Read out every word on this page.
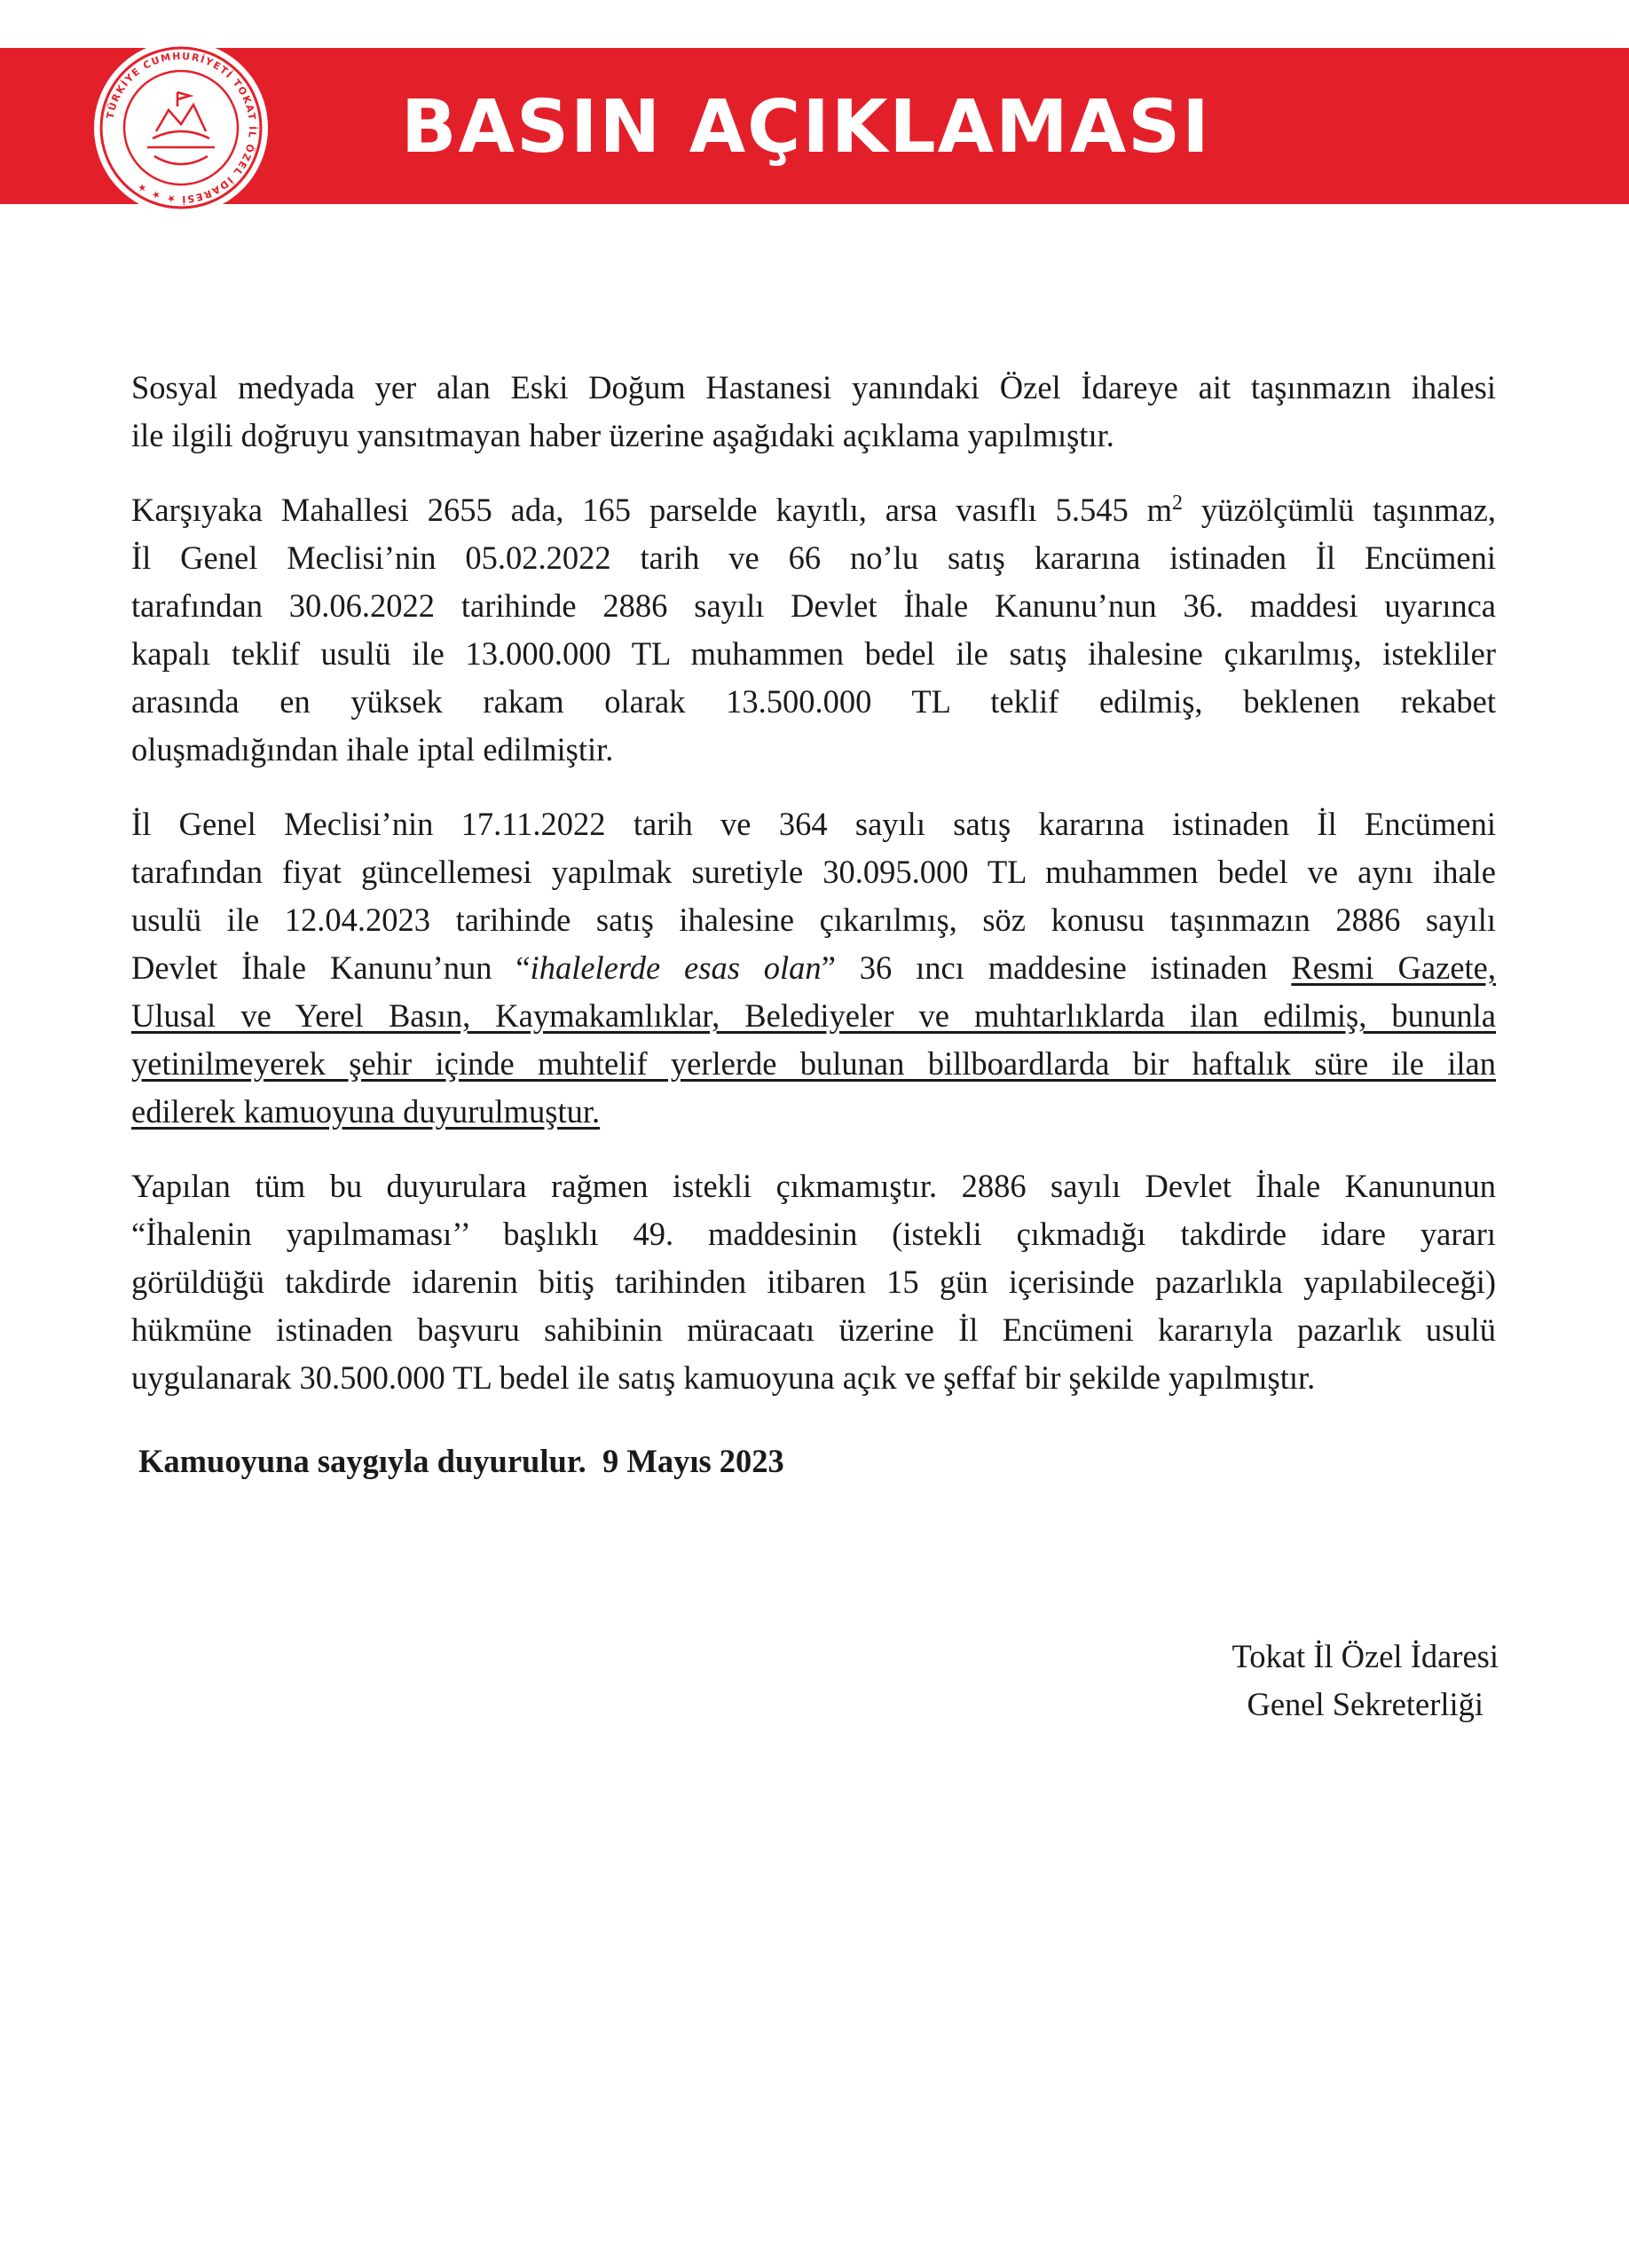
TÜRKİYE CUMHURİYETİ TOKAT İL ÖZEL İDARESİ ★ ★ ★
BASIN AÇIKLAMASI

Sosyal medyada yer alan Eski Doğum Hastanesi yanındaki Özel İdareye ait taşınmazın ihalesi
ile ilgili doğruyu yansıtmayan haber üzerine aşağıdaki açıklama yapılmıştır.

Karşıyaka Mahallesi 2655 ada, 165 parselde kayıtlı, arsa vasıflı 5.545 $m^2$ yüzölçümlü taşınmaz,
İl Genel Meclisi’nin 05.02.2022 tarih ve 66 no’lu satış kararına istinaden İl Encümeni
tarafından 30.06.2022 tarihinde 2886 sayılı Devlet İhale Kanunu’nun 36. maddesi uyarınca
kapalı teklif usulü ile 13.000.000 TL muhammen bedel ile satış ihalesine çıkarılmış, istekliler
arasında en yüksek rakam olarak 13.500.000 TL teklif edilmiş, beklenen rekabet
oluşmadığından ihale iptal edilmiştir.

İl Genel Meclisi’nin 17.11.2022 tarih ve 364 sayılı satış kararına istinaden İl Encümeni
tarafından fiyat güncellemesi yapılmak suretiyle 30.095.000 TL muhammen bedel ve aynı ihale
usulü ile 12.04.2023 tarihinde satış ihalesine çıkarılmış, söz konusu taşınmazın 2886 sayılı
Devlet İhale Kanunu’nun “ihalelerde esas olan” 36 ıncı maddesine istinaden Resmi Gazete,
Ulusal ve Yerel Basın, Kaymakamlıklar, Belediyeler ve muhtarlıklarda ilan edilmiş, bununla
yetinilmeyerek şehir içinde muhtelif yerlerde bulunan billboardlarda bir haftalık süre ile ilan
edilerek kamuoyuna duyurulmuştur.

Yapılan tüm bu duyurulara rağmen istekli çıkmamıştır. 2886 sayılı Devlet İhale Kanununun
“İhalenin yapılmaması’’ başlıklı 49. maddesinin (istekli çıkmadığı takdirde idare yararı
görüldüğü takdirde idarenin bitiş tarihinden itibaren 15 gün içerisinde pazarlıkla yapılabileceği)
hükmüne istinaden başvuru sahibinin müracaatı üzerine İl Encümeni kararıyla pazarlık usulü
uygulanarak 30.500.000 TL bedel ile satış kamuoyuna açık ve şeffaf bir şekilde yapılmıştır.

Kamuoyuna saygıyla duyurulur. 9 Mayıs 2023
Tokat İl Özel İdaresi
Genel Sekreterliği
